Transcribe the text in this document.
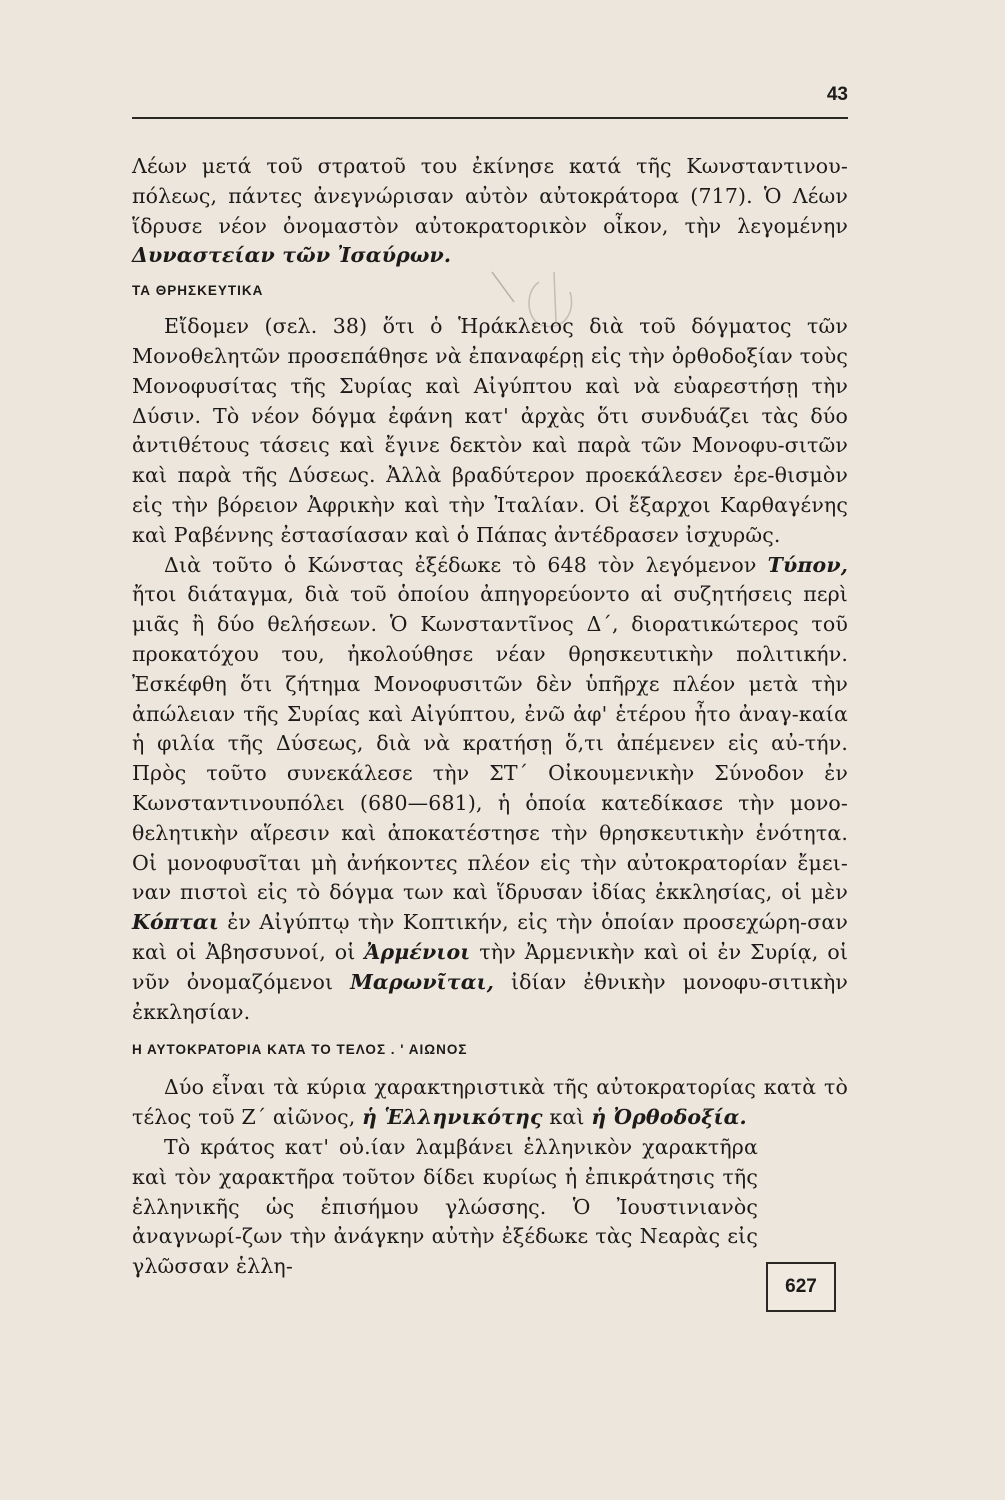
43

Λέων μετά τοῦ στρατοῦ του ἐκίνησε κατά τῆς Κωνσταντινου-πόλεως, πάντες ἀνεγνώρισαν αὐτὸν αὐτοκράτορα (717). Ὁ Λέων ἵδρυσε νέον ὀνομαστὸν αὐτοκρατορικὸν οἶκον, τὴν λεγομένην Δυναστείαν τῶν Ἰσαύρων.

ΤΑ ΘΡΗΣΚΕΥΤΙΚΑ

Εἴδομεν (σελ. 38) ὅτι ὁ Ἡράκλειος διὰ τοῦ δόγματος τῶν Μονοθελητῶν προσεπάθησε νὰ ἐπαναφέρῃ εἰς τὴν ὀρθοδοξίαν τοὺς Μονοφυσίτας τῆς Συρίας καὶ Αἰγύπτου καὶ νὰ εὐαρεστήσῃ τὴν Δύσιν. Τὸ νέον δόγμα ἐφάνη κατ' ἀρχὰς ὅτι συνδυάζει τὰς δύο ἀντιθέτους τάσεις καὶ ἔγινε δεκτὸν καὶ παρὰ τῶν Μονοφυ-σιτῶν καὶ παρὰ τῆς Δύσεως. Ἀλλὰ βραδύτερον προεκάλεσεν ἐρε-θισμὸν εἰς τὴν βόρειον Ἀφρικὴν καὶ τὴν Ἰταλίαν. Οἱ ἔξαρχοι Καρθαγένης καὶ Ραβέννης ἐστασίασαν καὶ ὁ Πάπας ἀντέδρασεν ἰσχυρῶς.

Διὰ τοῦτο ὁ Κώνστας ἐξέδωκε τὸ 648 τὸν λεγόμενον Τύπον, ἤτοι διάταγμα, διὰ τοῦ ὁποίου ἀπηγορεύοντο αἱ συζητήσεις περὶ μιᾶς ἢ δύο θελήσεων. Ὁ Κωνσταντῖνος Δ΄, διορατικώτερος τοῦ προκατόχου του, ἠκολούθησε νέαν θρησκευτικὴν πολιτικήν. Ἐσκέφθη ὅτι ζήτημα Μονοφυσιτῶν δὲν ὑπῆρχε πλέον μετὰ τὴν ἀπώλειαν τῆς Συρίας καὶ Αἰγύπτου, ἐνῶ ἀφ' ἑτέρου ἦτο ἀναγ-καία ἡ φιλία τῆς Δύσεως, διὰ νὰ κρατήσῃ ὅ,τι ἀπέμενεν εἰς αὐ-τήν. Πρὸς τοῦτο συνεκάλεσε τὴν ΣΤ΄ Οἰκουμενικὴν Σύνοδον ἐν Κωνσταντινουπόλει (680—681), ἡ ὁποία κατεδίκασε τὴν μονο-θελητικὴν αἵρεσιν καὶ ἀποκατέστησε τὴν θρησκευτικὴν ἑνότητα. Οἱ μονοφυσῖται μὴ ἀνήκοντες πλέον εἰς τὴν αὐτοκρατορίαν ἔμει-ναν πιστοὶ εἰς τὸ δόγμα των καὶ ἵδρυσαν ἰδίας ἐκκλησίας, οἱ μὲν Κόπται ἐν Αἰγύπτῳ τὴν Κοπτικήν, εἰς τὴν ὁποίαν προσεχώρη-σαν καὶ οἱ Ἀβησσυνοί, οἱ Ἀρμένιοι τὴν Ἀρμενικὴν καὶ οἱ ἐν Συρίᾳ, οἱ νῦν ὀνομαζόμενοι Μαρωνῖται, ἰδίαν ἐθνικὴν μονοφυ-σιτικὴν ἐκκλησίαν.

Η ΑΥΤΟΚΡΑΤΟΡΙΑ ΚΑΤΑ ΤΟ ΤΕΛΟΣ . ' ΑΙΩΝΟΣ

Δύο εἶναι τὰ κύρια χαρακτηριστικὰ τῆς αὐτοκρατορίας κατὰ τὸ τέλος τοῦ Ζ΄ αἰῶνος, ἡ Ἑλληνικότης καὶ ἡ Ὀρθοδοξία.

Τὸ κράτος κατ' οὐ.ίαν λαμβάνει ἑλληνικὸν χαρακτῆρα καὶ τὸν χαρακτῆρα τοῦτον δίδει κυρίως ἡ ἐπικράτησις τῆς ἑλληνικῆς ὡς ἐπισήμου γλώσσης. Ὁ Ἰουστινιανὸς ἀναγνωρί-ζων τὴν ἀνάγκην αὐτὴν ἐξέδωκε τὰς Νεαρὰς εἰς γλῶσσαν ἑλλη-

627
